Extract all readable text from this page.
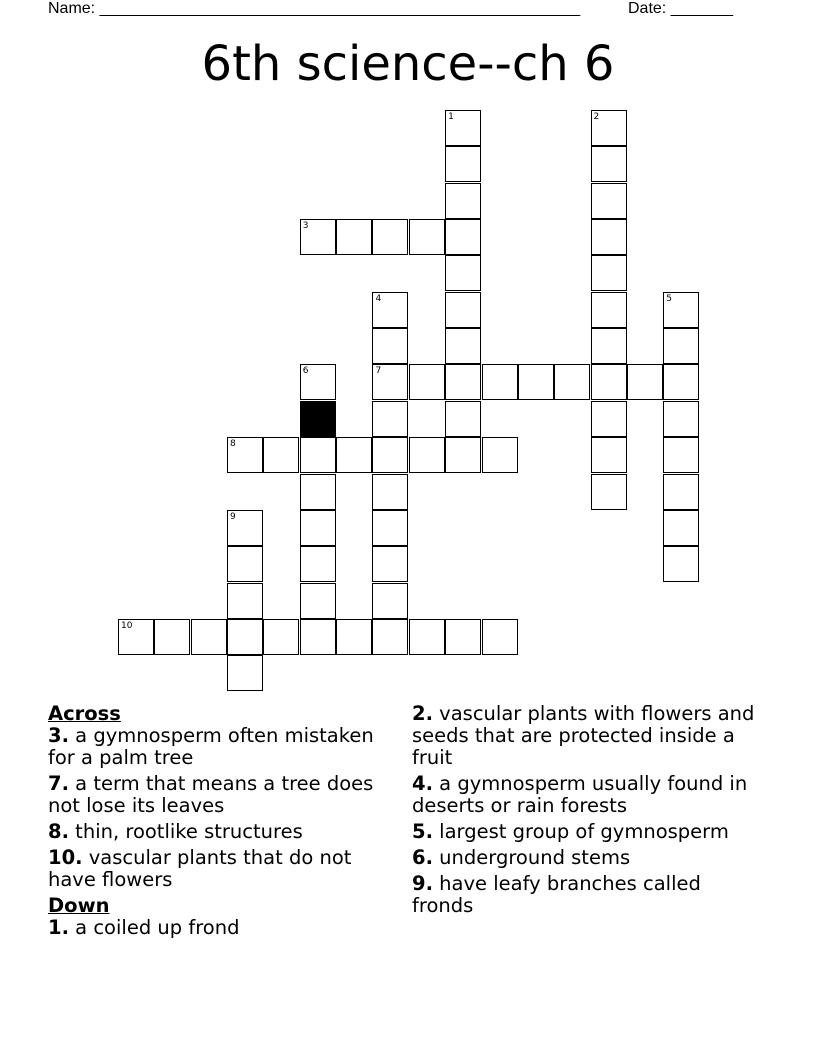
Name: ______________________________________________________	Date: _______
6th science--ch 6
1	2
3
4
7
5
6
8
9
10

Across

3. a gymnosperm often mistaken for a palm tree

7. a term that means a tree does not lose its leaves

8. thin, rootlike structures

10. vascular plants that do not have flowers

Down

1. a coiled up frond

2. vascular plants with flowers and seeds that are protected inside a fruit

4. a gymnosperm usually found in deserts or rain forests

5. largest group of gymnosperm

6. underground stems

9. have leafy branches called fronds
